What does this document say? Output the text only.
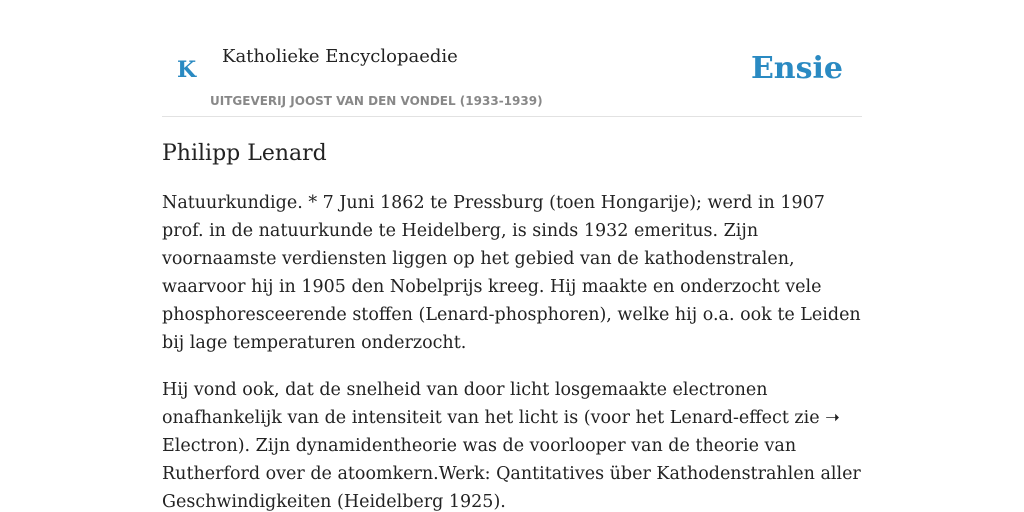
K
Katholieke Encyclopaedie
UITGEVERIJ JOOST VAN DEN VONDEL (1933-1939)
Ensie
Philipp Lenard

Natuurkundige. * 7 Juni 1862 te Pressburg (toen Hongarije); werd in 1907 prof. in de natuurkunde te Heidelberg, is sinds 1932 emeritus. Zijn voornaamste verdiensten liggen op het gebied van de kathodenstralen, waarvoor hij in 1905 den Nobelprijs kreeg. Hij maakte en onderzocht vele phosphoresceerende stoffen (Lenard-phosphoren), welke hij o.a. ook te Leiden bij lage temperaturen onderzocht.

Hij vond ook, dat de snelheid van door licht losgemaakte electronen onafhankelijk van de intensiteit van het licht is (voor het Lenard-effect zie ➝ Electron). Zijn dynamidentheorie was de voorlooper van de theorie van Rutherford over de atoomkern.Werk: Qantitatives über Kathodenstrahlen aller Geschwindigkeiten (Heidelberg 1925).
